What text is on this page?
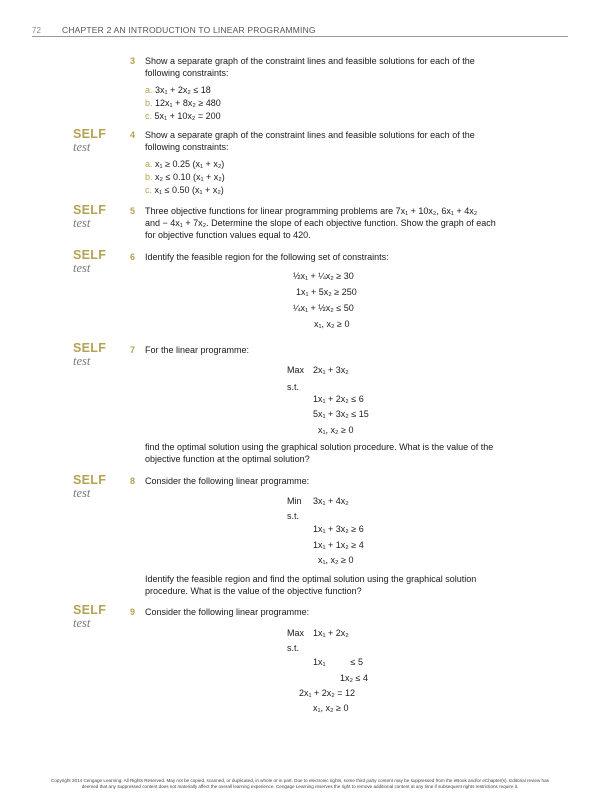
72 CHAPTER 2 AN INTRODUCTION TO LINEAR PROGRAMMING
3 Show a separate graph of the constraint lines and feasible solutions for each of the
following constraints:
a. 3x₁ + 2x₂ ≤ 18
b. 12x₁ + 8x₂ ≥ 480
c. 5x₁ + 10x₂ = 200
SELF
test
4 Show a separate graph of the constraint lines and feasible solutions for each of the
following constraints:
a. x₁ ≥ 0.25 (x₁ + x₂)
b. x₂ ≤ 0.10 (x₁ + x₂)
c. x₁ ≤ 0.50 (x₁ + x₂)
SELF
test
5 Three objective functions for linear programming problems are 7x₁ + 10x₂, 6x₁ + 4x₂
and − 4x₁ + 7x₂. Determine the slope of each objective function. Show the graph of each
for objective function values equal to 420.
SELF
test
6 Identify the feasible region for the following set of constraints:
½x₁ + ¼x₂ ≥ 30
1x₁ + 5x₂ ≥ 250
¼x₁ + ½x₂ ≤ 50
x₁, x₂ ≥ 0
SELF
test
7 For the linear programme:
Max 2x₁ + 3x₂
s.t.
1x₁ + 2x₂ ≤ 6
5x₁ + 3x₂ ≤ 15
x₁, x₂ ≥ 0
find the optimal solution using the graphical solution procedure. What is the value of the
objective function at the optimal solution?
SELF
test
8 Consider the following linear programme:
Min 3x₁ + 4x₂
s.t.
1x₁ + 3x₂ ≥ 6
1x₁ + 1x₂ ≥ 4
x₁, x₂ ≥ 0
Identify the feasible region and find the optimal solution using the graphical solution
procedure. What is the value of the objective function?
SELF
test
9 Consider the following linear programme:
Max 1x₁ + 2x₂
s.t.
1x₁          ≤ 5
1x₂ ≤ 4
2x₁ + 2x₂ = 12
x₁, x₂ ≥ 0
Copyright 2014 Cengage Learning. All Rights Reserved. May not be copied, scanned, or duplicated, in whole or in part. Due to electronic rights, some third party content may be suppressed from the eBook and/or eChapter(s). Editorial review has
deemed that any suppressed content does not materially affect the overall learning experience. Cengage Learning reserves the right to remove additional content at any time if subsequent rights restrictions require it.
